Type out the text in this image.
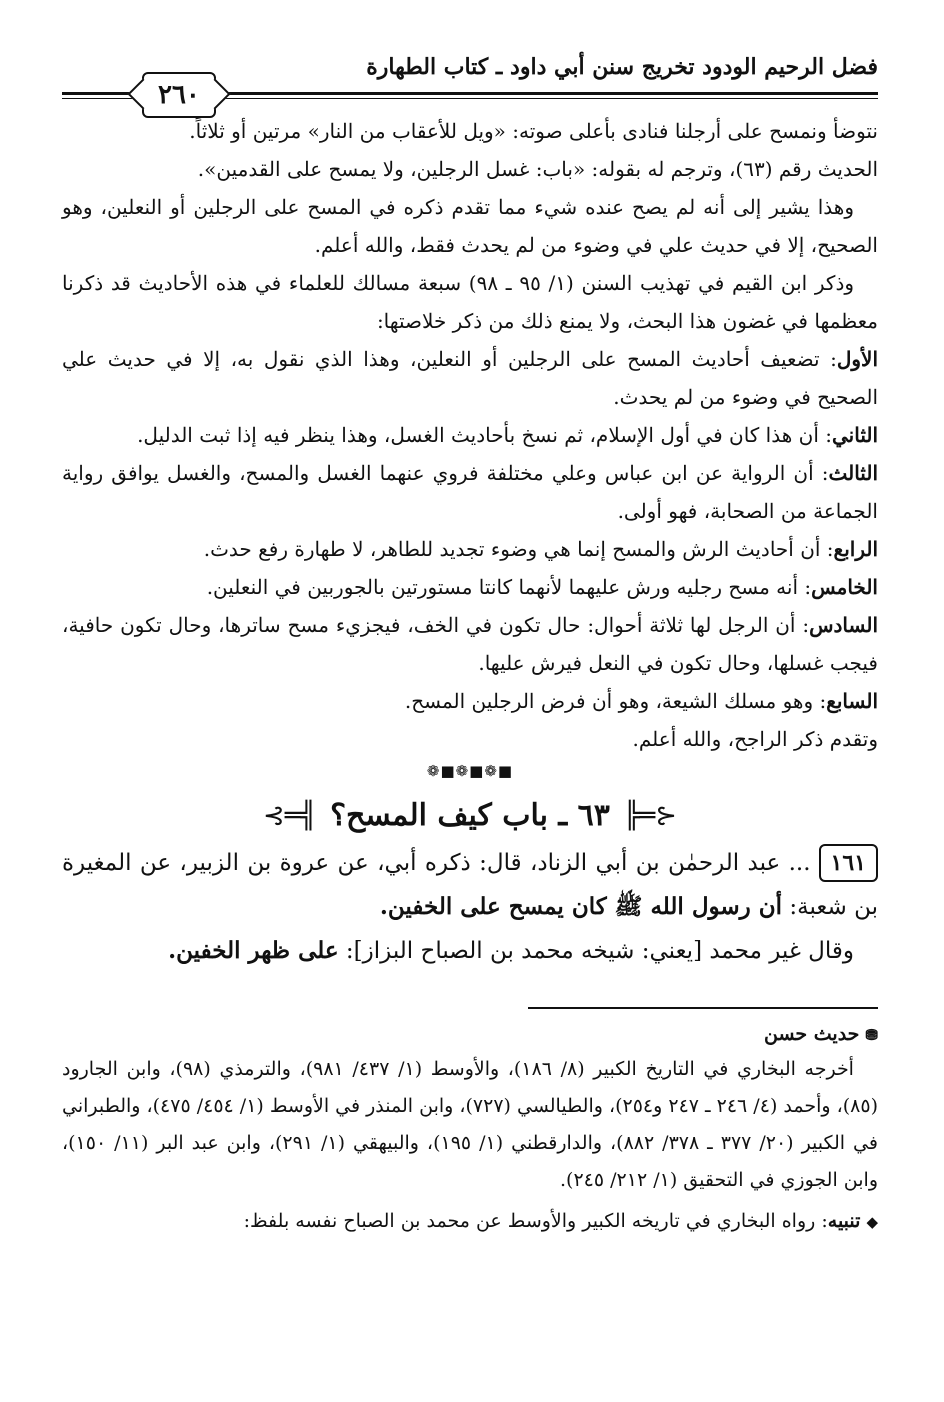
فضل الرحيم الودود تخريج سنن أبي داود ـ كتاب الطهارة
٢٦٠

نتوضأ ونمسح على أرجلنا فنادى بأعلى صوته: «ويل للأعقاب من النار» مرتين أو ثلاثاً.

الحديث رقم (٦٣)، وترجم له بقوله: «باب: غسل الرجلين، ولا يمسح على القدمين».

وهذا يشير إلى أنه لم يصح عنده شيء مما تقدم ذكره في المسح على الرجلين أو النعلين، وهو الصحيح، إلا في حديث علي في وضوء من لم يحدث فقط، والله أعلم.

وذكر ابن القيم في تهذيب السنن (١/ ٩٥ ـ ٩٨) سبعة مسالك للعلماء في هذه الأحاديث قد ذكرنا معظمها في غضون هذا البحث، ولا يمنع ذلك من ذكر خلاصتها:

الأول: تضعيف أحاديث المسح على الرجلين أو النعلين، وهذا الذي نقول به، إلا في حديث علي الصحيح في وضوء من لم يحدث.

الثاني: أن هذا كان في أول الإسلام، ثم نسخ بأحاديث الغسل، وهذا ينظر فيه إذا ثبت الدليل.

الثالث: أن الرواية عن ابن عباس وعلي مختلفة فروي عنهما الغسل والمسح، والغسل يوافق رواية الجماعة من الصحابة، فهو أولى.

الرابع: أن أحاديث الرش والمسح إنما هي وضوء تجديد للطاهر، لا طهارة رفع حدث.

الخامس: أنه مسح رجليه ورش عليهما لأنهما كانتا مستورتين بالجوربين في النعلين.

السادس: أن الرجل لها ثلاثة أحوال: حال تكون في الخف، فيجزيء مسح ساترها، وحال تكون حافية، فيجب غسلها، وحال تكون في النعل فيرش عليها.

السابع: وهو مسلك الشيعة، وهو أن فرض الرجلين المسح.

وتقدم ذكر الراجح، والله أعلم.

❁■❁■❁■
⊰═╣ ٦٣ ـ باب كيف المسح؟ ╠═⊱

١٦١... عبد الرحمٰن بن أبي الزناد، قال: ذكره أبي، عن عروة بن الزبير، عن المغيرة بن شعبة: أن رسول الله ﷺ كان يمسح على الخفين.

وقال غير محمد [يعني: شيخه محمد بن الصباح البزاز]: على ظهر الخفين.

⛃حديث حسن

أخرجه البخاري في التاريخ الكبير (٨/ ١٨٦)، والأوسط (١/ ٤٣٧/ ٩٨١)، والترمذي (٩٨)، وابن الجارود (٨٥)، وأحمد (٤/ ٢٤٦ ـ ٢٤٧ و٢٥٤)، والطيالسي (٧٢٧)، وابن المنذر في الأوسط (١/ ٤٥٤/ ٤٧٥)، والطبراني في الكبير (٢٠/ ٣٧٧ ـ ٣٧٨/ ٨٨٢)، والدارقطني (١/ ١٩٥)، والبيهقي (١/ ٢٩١)، وابن عبد البر (١١/ ١٥٠)، وابن الجوزي في التحقيق (١/ ٢١٢/ ٢٤٥).

◆تنبيه: رواه البخاري في تاريخه الكبير والأوسط عن محمد بن الصباح نفسه بلفظ:
